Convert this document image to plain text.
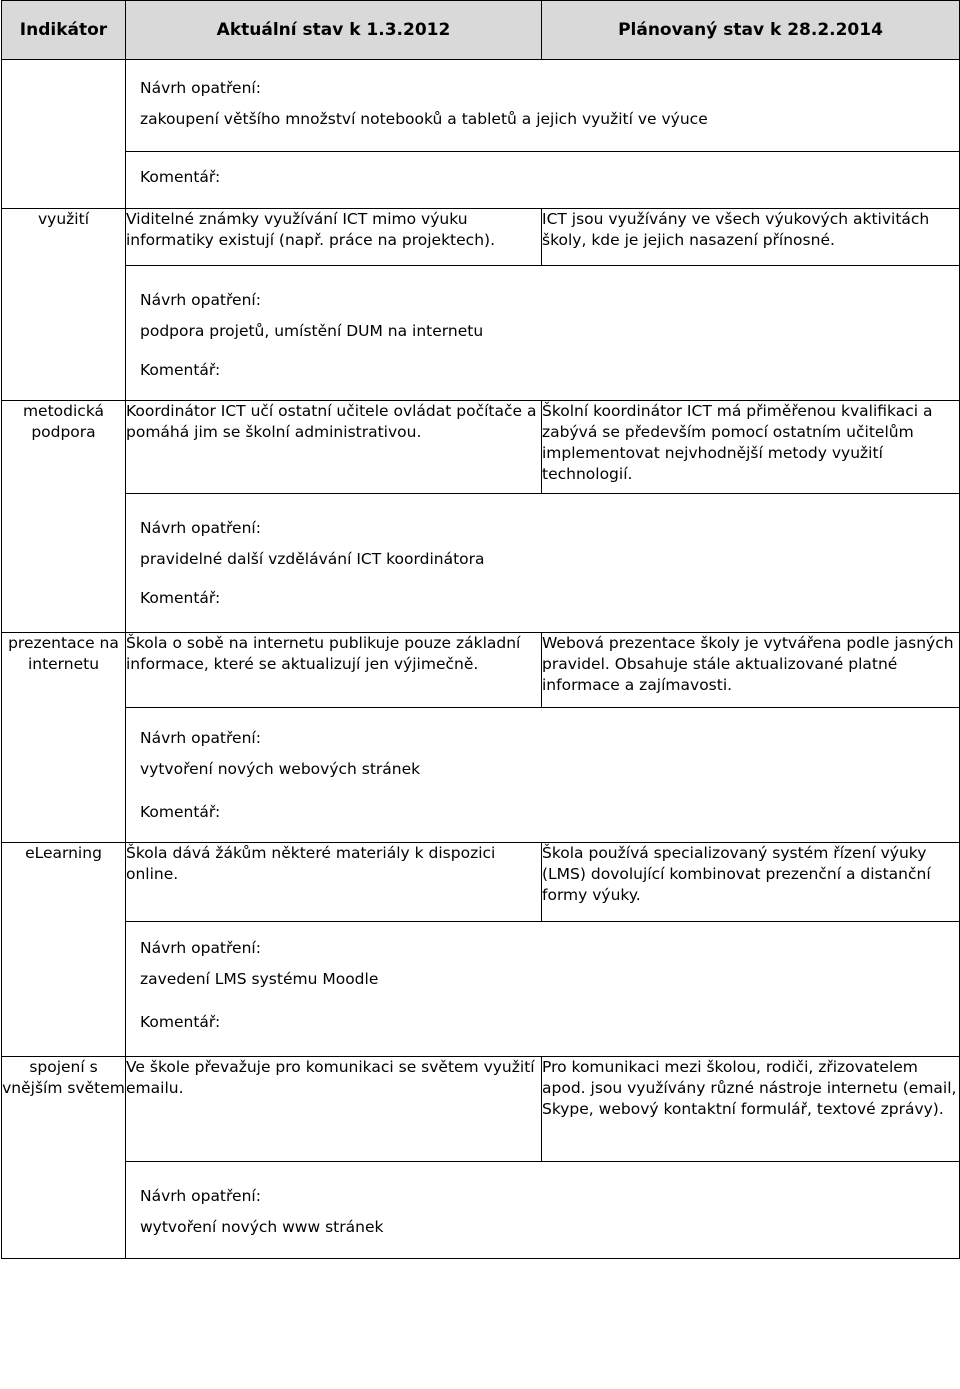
Indikátor	Aktuální stav k 1.3.2012	Plánovaný stav k 28.2.2014

	Návrh opatření:
zakoupení většího množství notebooků a tabletů a jejich využití ve výuce	

	Komentář:	

využití	Viditelné známky využívání ICT mimo výuku informatiky existují (např. práce na projektech).	ICT jsou využívány ve všech výukových aktivitách školy, kde je jejich nasazení přínosné.

	Návrh opatření:
podpora projetů, umístění DUM na internetu	

	Komentář:	

metodická podpora	Koordinátor ICT učí ostatní učitele ovládat počítače a pomáhá jim se školní administrativou.	Školní koordinátor ICT má přiměřenou kvalifikaci a zabývá se především pomocí ostatním učitelům implementovat nejvhodnější metody využití technologií.

	Návrh opatření:
pravidelné další vzdělávání ICT koordinátora	

	Komentář:	

prezentace na internetu	Škola o sobě na internetu publikuje pouze základní informace, které se aktualizují jen výjimečně.	Webová prezentace školy je vytvářena podle jasných pravidel. Obsahuje stále aktualizované platné informace a zajímavosti.

	Návrh opatření:
vytvoření nových webových stránek	

	Komentář:	

eLearning	Škola dává žákům některé materiály k dispozici online.	Škola používá specializovaný systém řízení výuky (LMS) dovolující kombinovat prezenční a distanční formy výuky.

	Návrh opatření:
zavedení LMS systému Moodle	

	Komentář:	

spojení s vnějším světem	Ve škole převažuje pro komunikaci se světem využití emailu.	Pro komunikaci mezi školou, rodiči, zřizovatelem apod. jsou využívány různé nástroje internetu (email, Skype, webový kontaktní formulář, textové zprávy).

	Návrh opatření:
wytvoření nových www stránek	
